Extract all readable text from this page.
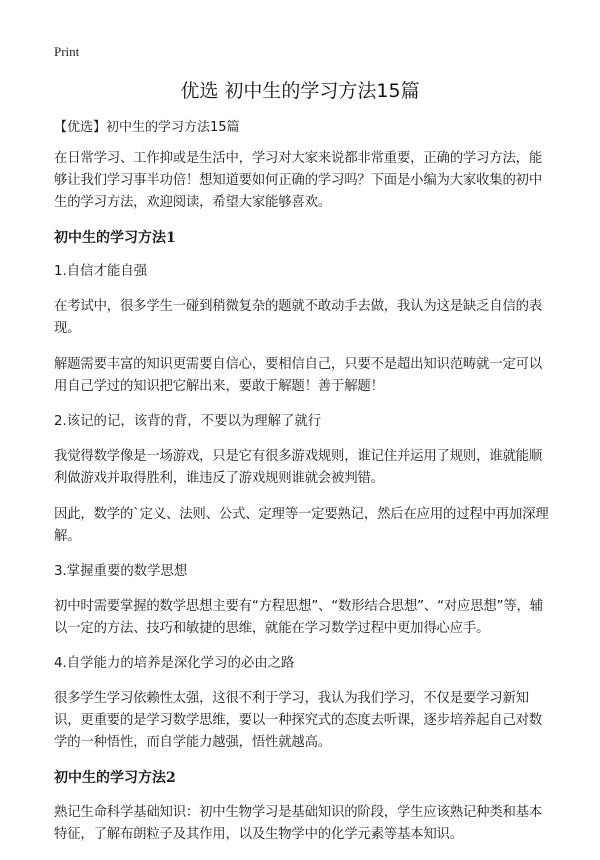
Print
优选 初中生的学习方法15篇
【优选】初中生的学习方法15篇

在日常学习、工作抑或是生活中，学习对大家来说都非常重要，正确的学习方法，能够让我们学习事半功倍！想知道要如何正确的学习吗？下面是小编为大家收集的初中生的学习方法，欢迎阅读，希望大家能够喜欢。

初中生的学习方法1
1.自信才能自强

在考试中，很多学生一碰到稍微复杂的题就不敢动手去做，我认为这是缺乏自信的表现。

解题需要丰富的知识更需要自信心，要相信自己，只要不是超出知识范畴就一定可以用自己学过的知识把它解出来，要敢于解题！善于解题！

2.该记的记，该背的背，不要以为理解了就行

我觉得数学像是一场游戏，只是它有很多游戏规则，谁记住并运用了规则，谁就能顺利做游戏并取得胜利，谁违反了游戏规则谁就会被判错。

因此，数学的`定义、法则、公式、定理等一定要熟记，然后在应用的过程中再加深理解。

3.掌握重要的数学思想

初中时需要掌握的数学思想主要有“方程思想”、“数形结合思想”、“对应思想”等，辅以一定的方法、技巧和敏捷的思维，就能在学习数学过程中更加得心应手。

4.自学能力的培养是深化学习的必由之路

很多学生学习依赖性太强，这很不利于学习，我认为我们学习，不仅是要学习新知识，更重要的是学习数学思维，要以一种探究式的态度去听课，逐步培养起自己对数学的一种悟性，而自学能力越强，悟性就越高。

初中生的学习方法2

熟记生命科学基础知识：初中生物学习是基础知识的阶段，学生应该熟记种类和基本特征，了解布朗粒子及其作用，以及生物学中的化学元素等基本知识。
